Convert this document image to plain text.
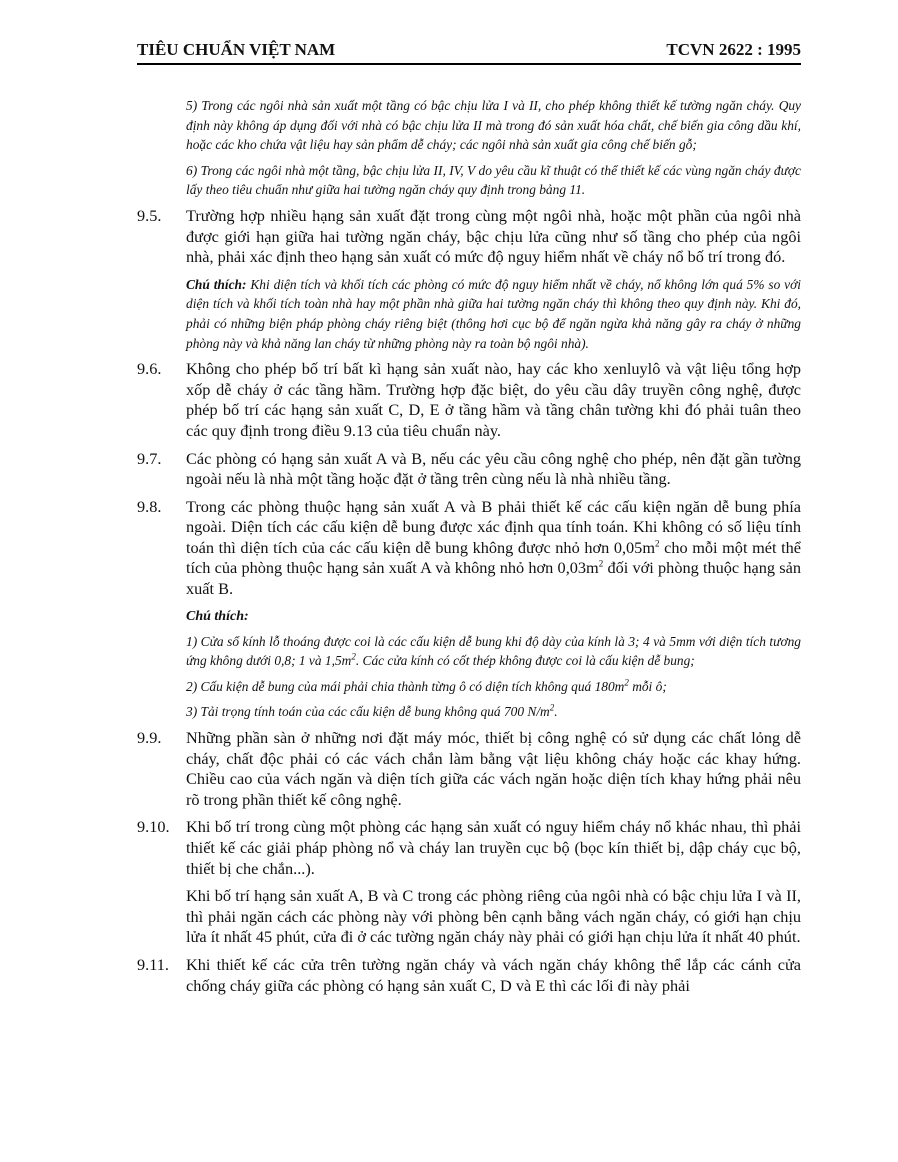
TIÊU CHUẨN VIỆT NAM	TCVN 2622 : 1995

5) Trong các ngôi nhà sản xuất một tầng có bậc chịu lửa I và II, cho phép không thiết kế tường ngăn cháy. Quy định này không áp dụng đối với nhà có bậc chịu lửa II mà trong đó sản xuất hóa chất, chế biến gia công dầu khí, hoặc các kho chứa vật liệu hay sản phẩm dễ cháy; các ngôi nhà sản xuất gia công chế biến gỗ;

6) Trong các ngôi nhà một tầng, bậc chịu lửa II, IV, V do yêu cầu kĩ thuật có thể thiết kế các vùng ngăn cháy được lấy theo tiêu chuẩn như giữa hai tường ngăn cháy quy định trong bảng 11.

9.5. Trường hợp nhiều hạng sản xuất đặt trong cùng một ngôi nhà, hoặc một phần của ngôi nhà được giới hạn giữa hai tường ngăn cháy, bậc chịu lửa cũng như số tầng cho phép của ngôi nhà, phải xác định theo hạng sản xuất có mức độ nguy hiểm nhất về cháy nổ bố trí trong đó.

Chú thích: Khi diện tích và khối tích các phòng có mức độ nguy hiểm nhất về cháy, nổ không lớn quá 5% so với diện tích và khối tích toàn nhà hay một phần nhà giữa hai tường ngăn cháy thì không theo quy định này. Khi đó, phải có những biện pháp phòng cháy riêng biệt (thông hơi cục bộ để ngăn ngừa khả năng gây ra cháy ở những phòng này và khả năng lan cháy từ những phòng này ra toàn bộ ngôi nhà).

9.6. Không cho phép bố trí bất kì hạng sản xuất nào, hay các kho xenluylô và vật liệu tổng hợp xốp dễ cháy ở các tầng hầm. Trường hợp đặc biệt, do yêu cầu dây truyền công nghệ, được phép bố trí các hạng sản xuất C, D, E ở tầng hầm và tầng chân tường khi đó phải tuân theo các quy định trong điều 9.13 của tiêu chuẩn này.
9.7. Các phòng có hạng sản xuất A và B, nếu các yêu cầu công nghệ cho phép, nên đặt gần tường ngoài nếu là nhà một tầng hoặc đặt ở tầng trên cùng nếu là nhà nhiều tầng.
9.8. Trong các phòng thuộc hạng sản xuất A và B phải thiết kế các cấu kiện ngăn dễ bung phía ngoài. Diện tích các cấu kiện dễ bung được xác định qua tính toán. Khi không có số liệu tính toán thì diện tích của các cấu kiện dễ bung không được nhỏ hơn $0,05m^2$ cho mỗi một mét thể tích của phòng thuộc hạng sản xuất A và không nhỏ hơn $0,03m^2$ đối với phòng thuộc hạng sản xuất B.

Chú thích:

1) Cửa sổ kính lỗ thoáng được coi là các cấu kiện dễ bung khi độ dày của kính là 3; 4 và 5mm với diện tích tương ứng không dưới 0,8; 1 và $1,5m^2$. Các cửa kính có cốt thép không được coi là cấu kiện dễ bung;

2) Cấu kiện dễ bung của mái phải chia thành từng ô có diện tích không quá $180m^2$ mỗi ô;

3) Tải trọng tính toán của các cấu kiện dễ bung không quá 700 $N/m^2$.

9.9. Những phần sàn ở những nơi đặt máy móc, thiết bị công nghệ có sử dụng các chất lỏng dễ cháy, chất độc phải có các vách chắn làm bằng vật liệu không cháy hoặc các khay hứng. Chiều cao của vách ngăn và diện tích giữa các vách ngăn hoặc diện tích khay hứng phải nêu rõ trong phần thiết kế công nghệ.
9.10. Khi bố trí trong cùng một phòng các hạng sản xuất có nguy hiểm cháy nổ khác nhau, thì phải thiết kế các giải pháp phòng nổ và cháy lan truyền cục bộ (bọc kín thiết bị, dập cháy cục bộ, thiết bị che chắn...).

Khi bố trí hạng sản xuất A, B và C trong các phòng riêng của ngôi nhà có bậc chịu lửa I và II, thì phải ngăn cách các phòng này với phòng bên cạnh bằng vách ngăn cháy, có giới hạn chịu lửa ít nhất 45 phút, cửa đi ở các tường ngăn cháy này phải có giới hạn chịu lửa ít nhất 40 phút.

9.11. Khi thiết kế các cửa trên tường ngăn cháy và vách ngăn cháy không thể lắp các cánh cửa chống cháy giữa các phòng có hạng sản xuất C, D và E thì các lối đi này phải
